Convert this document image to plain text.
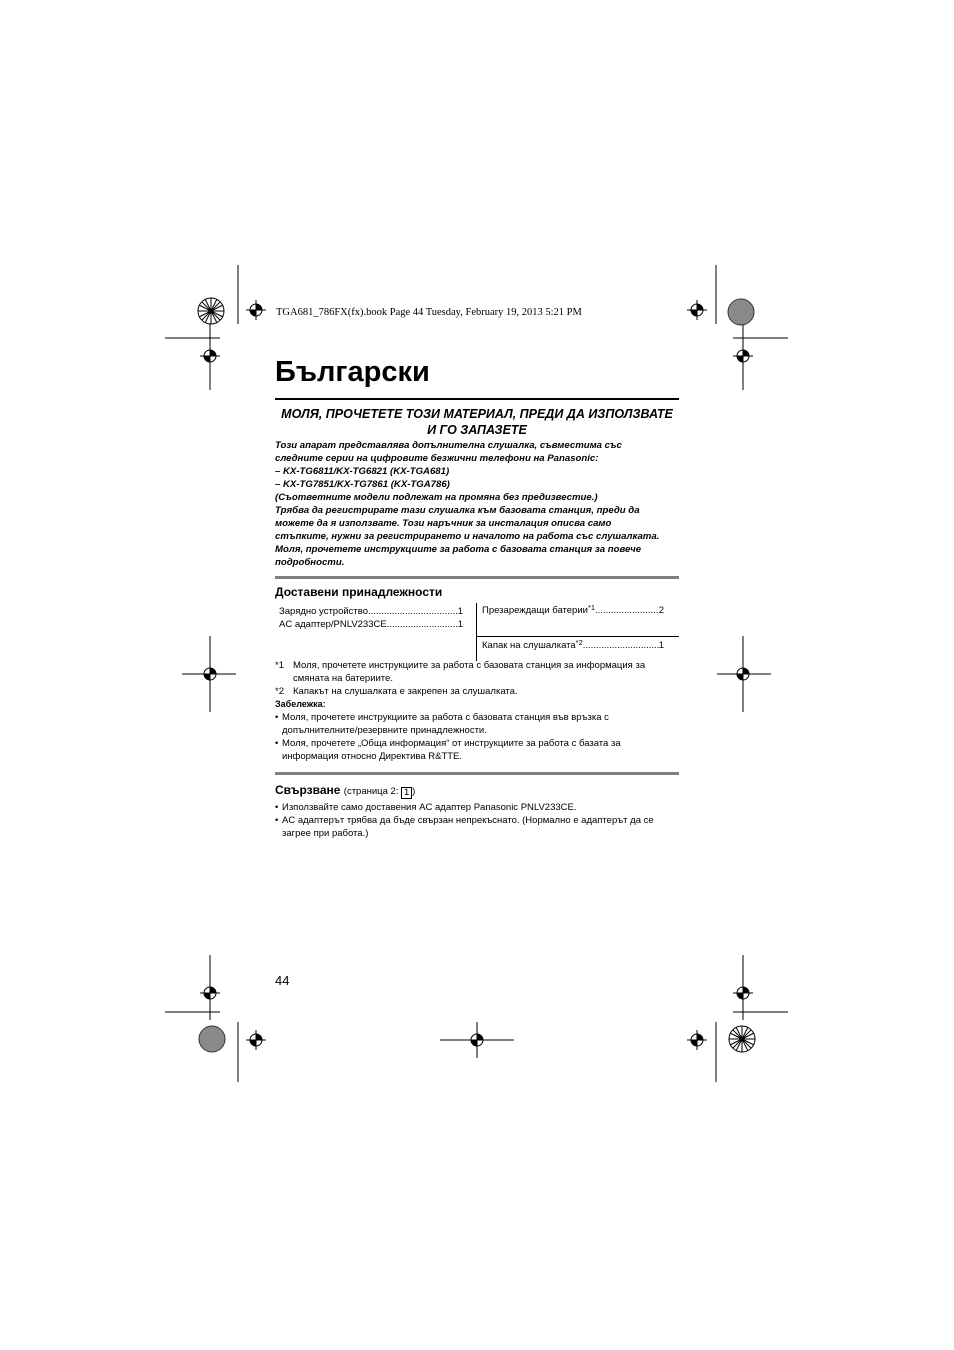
TGA681_786FX(fx).book Page 44 Tuesday, February 19, 2013 5:21 PM
Български
МОЛЯ, ПРОЧЕТЕТЕ ТОЗИ МАТЕРИАЛ, ПРЕДИ ДА ИЗПОЛЗВАТЕ
И ГО ЗАПАЗЕТЕ
Този апарат представлява допълнителна слушалка, съвместима със
следните серии на цифровите безжични телефони на Panasonic:
– KX-TG6811/KX-TG6821 (KX-TGA681)
– KX-TG7851/KX-TG7861 (KX-TGA786)
(Съответните модели подлежат на промяна без предизвестие.)
Трябва да регистрирате тази слушалка към базовата станция, преди да
можете да я използвате. Този наръчник за инсталация описва само
стъпките, нужни за регистрирането и началото на работа със слушалката.
Моля, прочетете инструкциите за работа с базовата станция за повече
подробности.
Доставени принадлежности
Зарядно устройство .....	1
AC адаптер/PNLV233CE .....	1
Презареждащи батерии$^{*1}$ .....	2
Капак на слушалката$^{*2}$ .....	1
*1 Моля, прочетете инструкциите за работа с базовата станция за информация за
смяната на батериите.
*2 Капакът на слушалката е закрепен за слушалката.
Забележка:
• Моля, прочетете инструкциите за работа с базовата станция във връзка с
допълнителните/резервните принадлежности.
• Моля, прочетете „Обща информация“ от инструкциите за работа с базата за
информация относно Директива R&TTE.
Свързване (страница 2: 1 )
• Използвайте само доставения AC адаптер Panasonic PNLV233CE.
• AC адаптерът трябва да бъде свързан непрекъснато. (Нормално е адаптерът да се
загрее при работа.)
44
